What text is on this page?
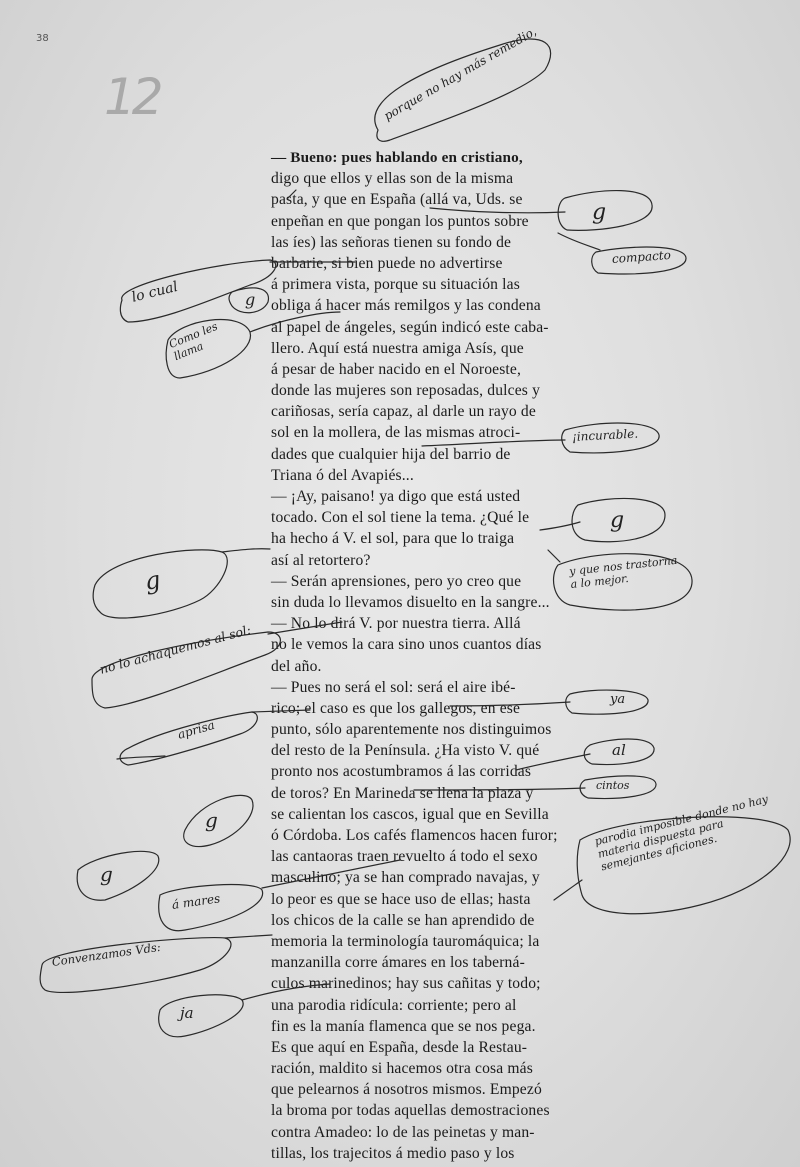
38
12
— Bueno: pues hablando en cristiano,
digo que ellos y ellas son de la misma
pasta, y que en España (allá va, Uds. se
enpeñan en que pongan los puntos sobre
las íes) las señoras tienen su fondo de
barbarie, si bien puede no advertirse
á primera vista, porque su situación las
obliga á hacer más remilgos y las condena
al papel de ángeles, según indicó este caba-
llero. Aquí está nuestra amiga Asís, que
á pesar de haber nacido en el Noroeste,
donde las mujeres son reposadas, dulces y
cariñosas, sería capaz, al darle un rayo de
sol en la mollera, de las mismas atroci-
dades que cualquier hija del barrio de
Triana ó del Avapiés...
— ¡Ay, paisano! ya digo que está usted
tocado. Con el sol tiene la tema. ¿Qué le
ha hecho á V. el sol, para que lo traiga
así al retortero?
— Serán aprensiones, pero yo creo que
sin duda lo llevamos disuelto en la sangre...
— No lo dirá V. por nuestra tierra. Allá
no le vemos la cara sino unos cuantos días
del año.
— Pues no será el sol: será el aire ibé-
rico; el caso es que los gallegos, en ese
punto, sólo aparentemente nos distinguimos
del resto de la Península. ¿Ha visto V. qué
pronto nos acostumbramos á las corridas
de toros? En Marineda se llena la plaza y
se calientan los cascos, igual que en Sevilla
ó Córdoba. Los cafés flamencos hacen furor;
las cantaoras traen revuelto á todo el sexo
masculino; ya se han comprado navajas, y
lo peor es que se hace uso de ellas; hasta
los chicos de la calle se han aprendido de
memoria la terminología tauromáquica; la
manzanilla corre ámares en los taberná-
culos marinedinos; hay sus cañitas y todo;
una parodia ridícula: corriente; pero al
fin es la manía flamenca que se nos pega.
Es que aquí en España, desde la Restau-
ración, maldito si hacemos otra cosa más
que pelearnos á nosotros mismos. Empezó
la broma por todas aquellas demostraciones
contra Amadeo: lo de las peinetas y man-
tillas, los trajecitos á medio paso y los
porque no hay más remedio,
g
compacto
lo cual	g
Como les llama
¡incurable.
g
y que nos trastorna a lo mejor.
g
no lo achaquemos al sol:
ya
aprisa
al
cintos
g
g
parodia imposible donde no hay materia dispuesta para semejantes aficiones.
á mares
Convenzamos Vds:
ja
